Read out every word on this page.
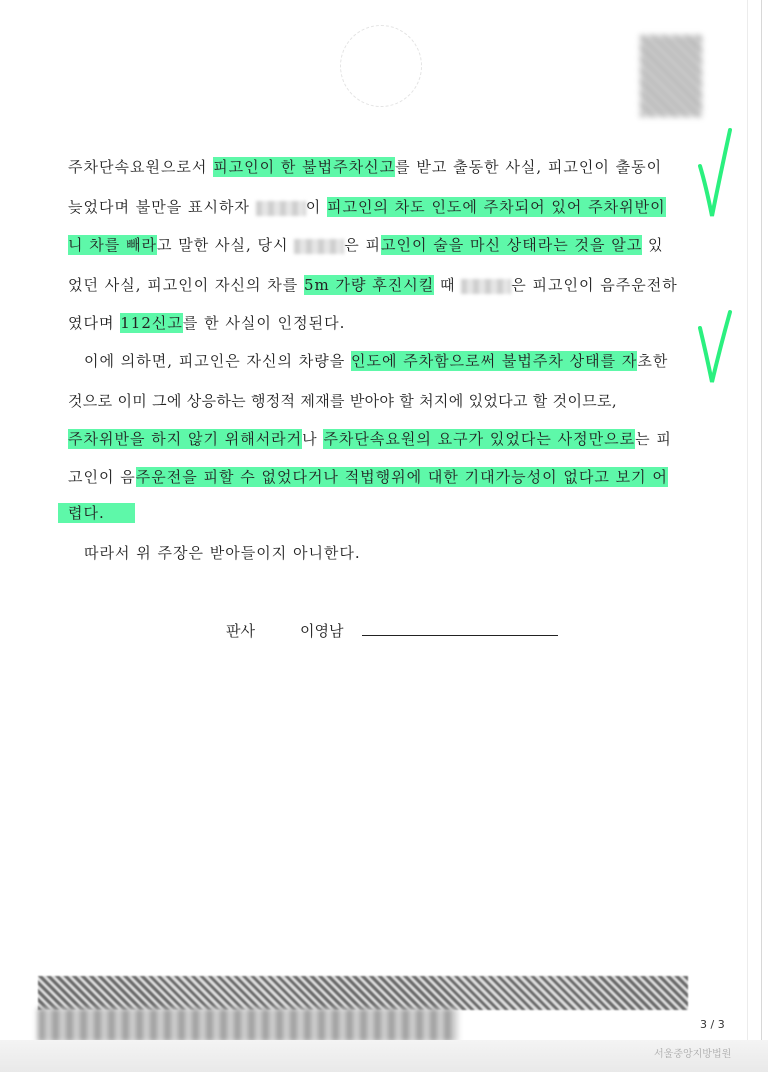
주차단속요원으로서 피고인이 한 불법주차신고를 받고 출동한 사실, 피고인이 출동이
늦었다며 불만을 표시하자	이 피고인의 차도 인도에 주차되어 있어 주차위반이
니 차를 빼라고 말한 사실, 당시	은 피고인이 술을 마신 상태라는 것을 알고 있
었던 사실, 피고인이 자신의 차를 5m 가량 후진시킬 때	은 피고인이 음주운전하
였다며 112신고를 한 사실이 인정된다.
이에 의하면, 피고인은 자신의 차량을 인도에 주차함으로써 불법주차 상태를 자초한
것으로 이미 그에 상응하는 행정적 제재를 받아야 할 처지에 있었다고 할 것이므로,
주차위반을 하지 않기 위해서라거나 주차단속요원의 요구가 있었다는 사정만으로는 피
고인이 음주운전을 피할 수 없었다거나 적법행위에 대한 기대가능성이 없다고 보기 어
렵다.
따라서 위 주장은 받아들이지 아니한다.
판사	이영남
3 / 3
서울중앙지방법원
